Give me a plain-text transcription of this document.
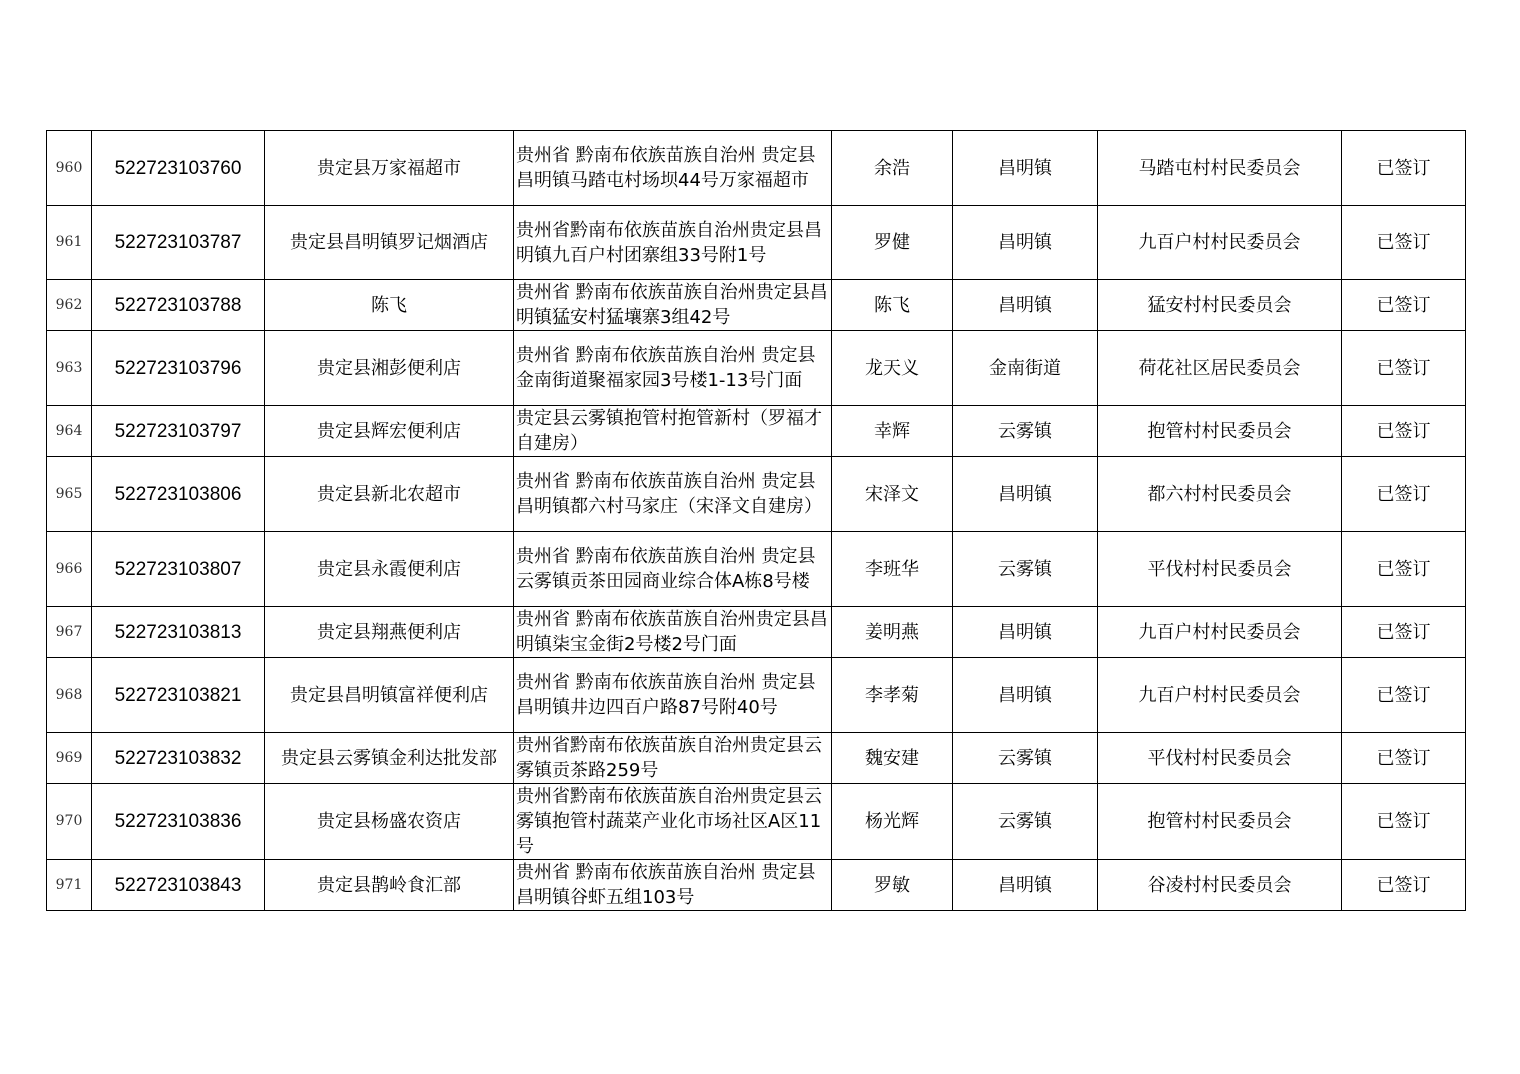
960	522723103760	贵定县万家福超市	贵州省 黔南布依族苗族自治州 贵定县昌明镇马踏屯村场坝44号万家福超市	余浩	昌明镇	马踏屯村村民委员会	已签订
961	522723103787	贵定县昌明镇罗记烟酒店	贵州省黔南布依族苗族自治州贵定县昌明镇九百户村团寨组33号附1号	罗健	昌明镇	九百户村村民委员会	已签订
962	522723103788	陈飞	贵州省 黔南布依族苗族自治州贵定县昌明镇猛安村猛壤寨3组42号	陈飞	昌明镇	猛安村村民委员会	已签订
963	522723103796	贵定县湘彭便利店	贵州省 黔南布依族苗族自治州 贵定县金南街道聚福家园3号楼1-13号门面	龙天义	金南街道	荷花社区居民委员会	已签订
964	522723103797	贵定县辉宏便利店	贵定县云雾镇抱管村抱管新村（罗福才自建房）	幸辉	云雾镇	抱管村村民委员会	已签订
965	522723103806	贵定县新北农超市	贵州省 黔南布依族苗族自治州 贵定县昌明镇都六村马家庄（宋泽文自建房）	宋泽文	昌明镇	都六村村民委员会	已签订
966	522723103807	贵定县永霞便利店	贵州省 黔南布依族苗族自治州 贵定县云雾镇贡茶田园商业综合体A栋8号楼	李班华	云雾镇	平伐村村民委员会	已签订
967	522723103813	贵定县翔燕便利店	贵州省 黔南布依族苗族自治州贵定县昌明镇柒宝金街2号楼2号门面	姜明燕	昌明镇	九百户村村民委员会	已签订
968	522723103821	贵定县昌明镇富祥便利店	贵州省 黔南布依族苗族自治州 贵定县昌明镇井边四百户路87号附40号	李孝菊	昌明镇	九百户村村民委员会	已签订
969	522723103832	贵定县云雾镇金利达批发部	贵州省黔南布依族苗族自治州贵定县云雾镇贡茶路259号	魏安建	云雾镇	平伐村村民委员会	已签订
970	522723103836	贵定县杨盛农资店	贵州省黔南布依族苗族自治州贵定县云雾镇抱管村蔬菜产业化市场社区A区11号	杨光辉	云雾镇	抱管村村民委员会	已签订
971	522723103843	贵定县鹊岭食汇部	贵州省 黔南布依族苗族自治州 贵定县昌明镇谷虾五组103号	罗敏	昌明镇	谷凌村村民委员会	已签订
